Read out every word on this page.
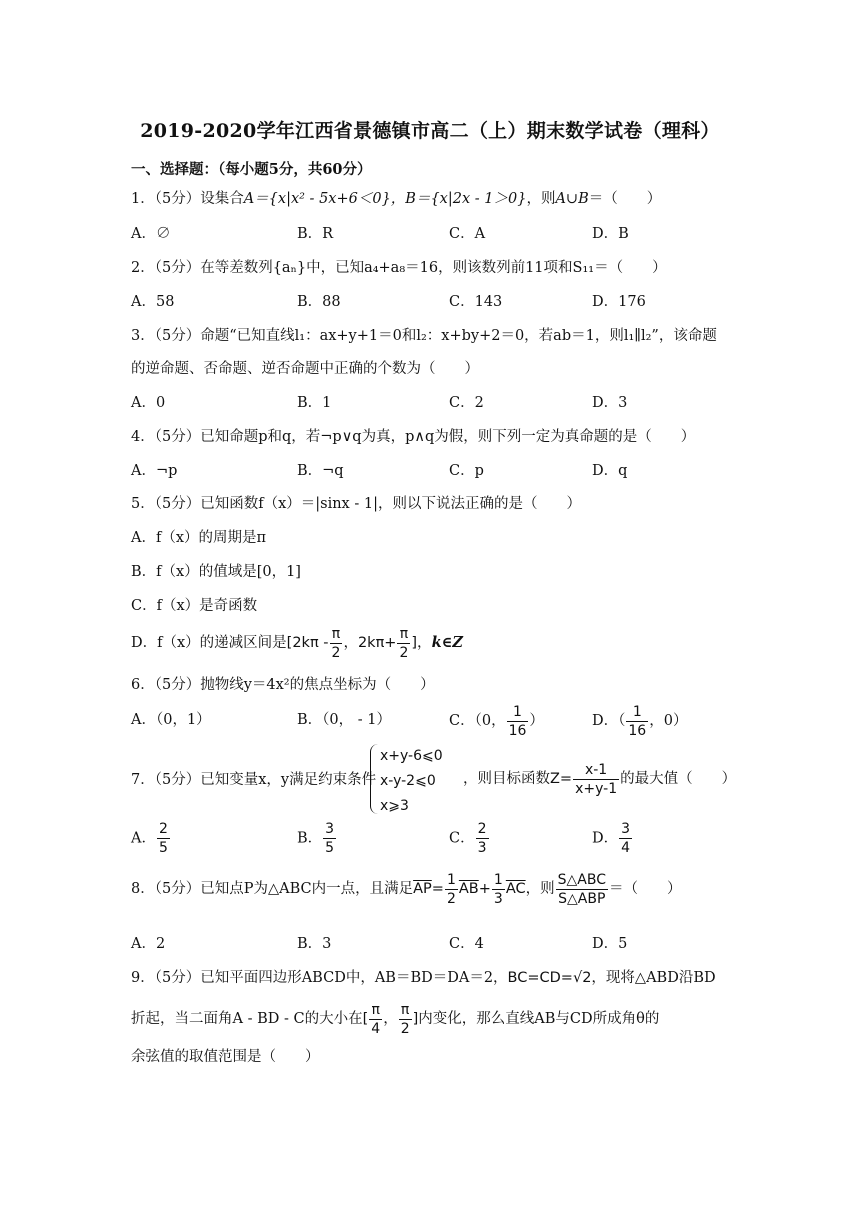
2019-2020学年江西省景德镇市高二（上）期末数学试卷（理科）
一、选择题：（每小题5分，共60分）
1．（5分）设集合A＝{x|x² - 5x+6＜0}，B＝{x|2x - 1＞0}，则A∪B＝（　　）
A．∅	B．R	C．A	D．B
2．（5分）在等差数列{aₙ}中，已知a₄+a₈＝16，则该数列前11项和S₁₁＝（　　）
A．58	B．88	C．143	D．176
3．（5分）命题“已知直线l₁：ax+y+1＝0和l₂：x+by+2＝0，若ab＝1，则l₁∥l₂”，该命题
的逆命题、否命题、逆否命题中正确的个数为（　　）
A．0	B．1	C．2	D．3
4．（5分）已知命题p和q，若¬p∨q为真，p∧q为假，则下列一定为真命题的是（　　）
A．¬p	B．¬q	C．p	D．q
5．（5分）已知函数f（x）＝|sinx - 1|，则以下说法正确的是（　　）
A．f（x）的周期是π
B．f（x）的值域是[0，1]
C．f（x）是奇函数
D．f（x）的递减区间是[$2k\pi - \frac{\pi}{2}$ ，$2k\pi+ \frac{\pi}{2}$ ]，k∈Z
6．（5分）抛物线y＝4x²的焦点坐标为（　　）
A．（0，1）	B．（0， - 1）	C．（0， $\frac{1}{16}$ ）	D．（ $\frac{1}{16}$ ，0）
7．（5分）已知变量x，y满足约束条件
x+y-6⩽0
x-y-2⩽0
x⩾3
，则目标函数$Z= \frac{x-1}{x+y-1}$ 的最大值（　　）
A． $\frac{2}{5}$	B． $\frac{3}{5}$	C． $\frac{2}{3}$	D． $\frac{3}{4}$
8．（5分）已知点P为△ABC内一点，且满足$\overline{AP}= \frac{1}{2} \overline{AB}+ \frac{1}{3} \overline{AC}$，则 $\frac{\text{S△ABC}}{\text{S△ABP}}$ ＝（　　）
A．2	B．3	C．4	D．5
9．（5分）已知平面四边形ABCD中，AB＝BD＝DA＝2，BC=CD=√2，现将△ABD沿BD
折起，当二面角A - BD - C的大小在[ $\frac{\pi}{4}$ ， $\frac{\pi}{2}$ ]内变化，那么直线AB与CD所成角θ的
余弦值的取值范围是（　　）
